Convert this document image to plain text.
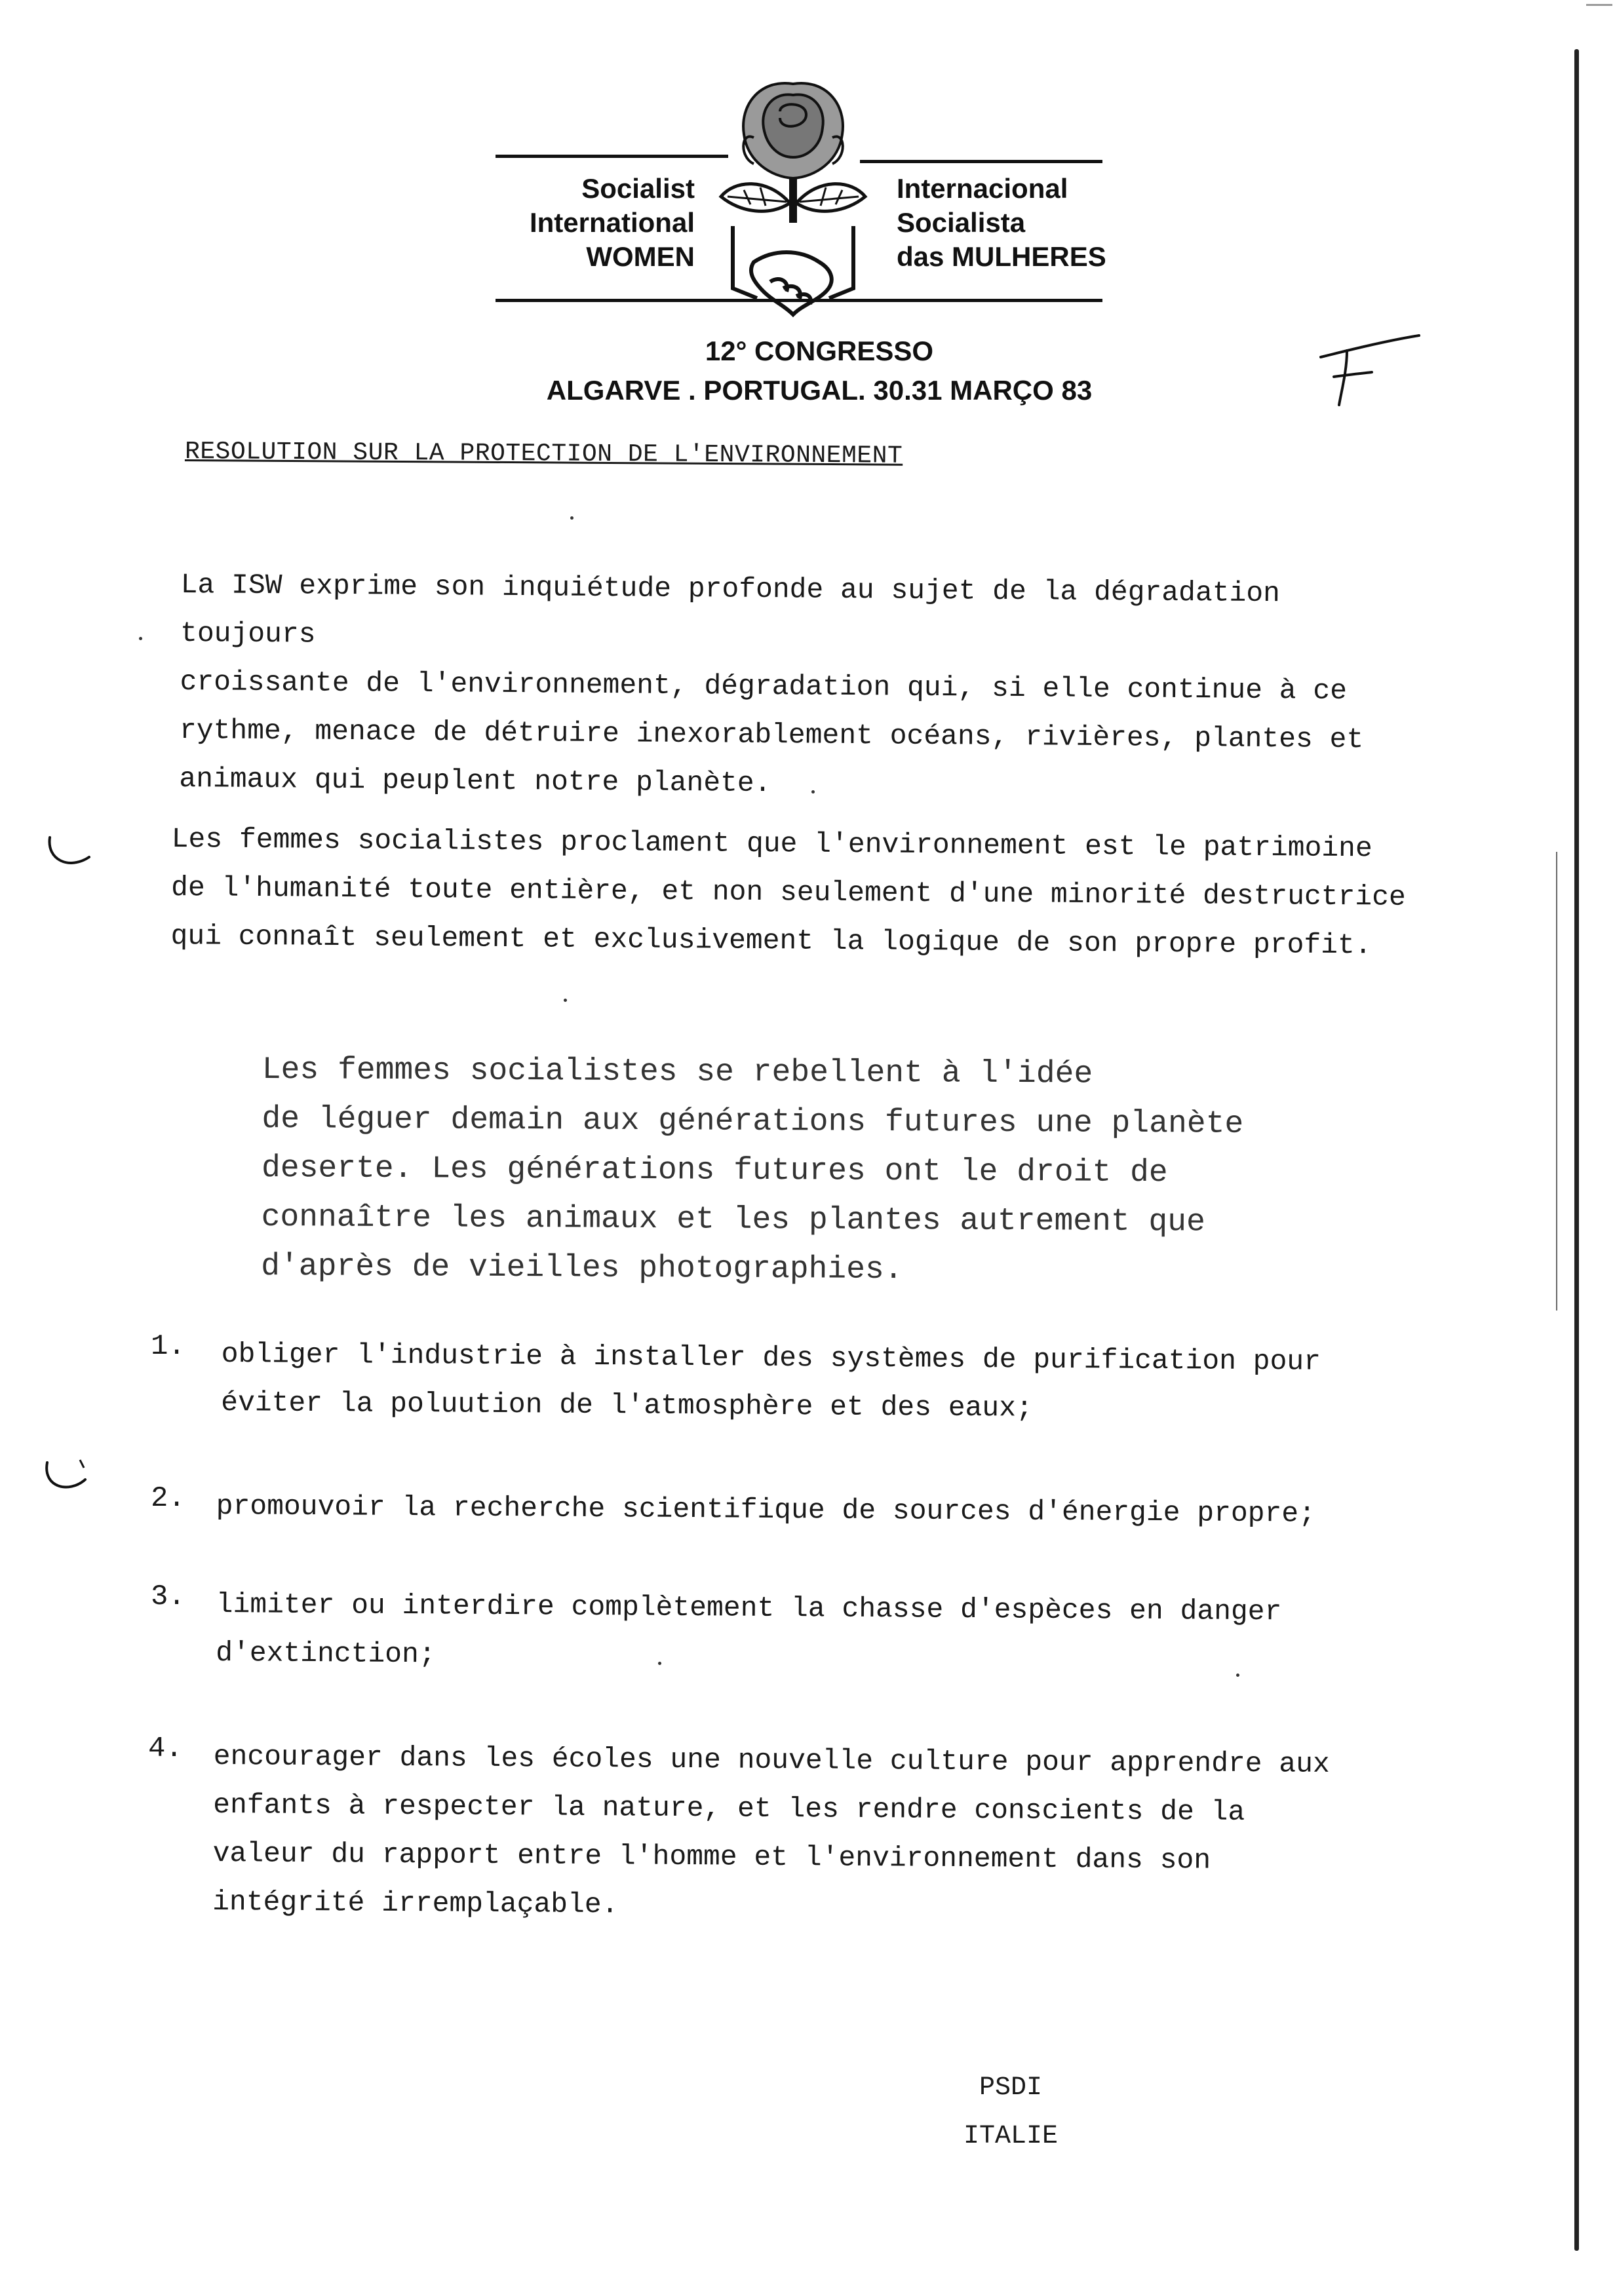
Socialist
International
WOMEN
Internacional
Socialista
das MULHERES
12° CONGRESSO
ALGARVE . PORTUGAL. 30.31 MARÇO 83
RESOLUTION SUR LA PROTECTION DE L'ENVIRONNEMENT

La ISW exprime son inquiétude profonde au sujet de la dégradation toujours
croissante de l'environnement, dégradation qui, si elle continue à ce
rythme, menace de détruire inexorablement océans, rivières, plantes et
animaux qui peuplent notre planète.

Les femmes socialistes proclament que l'environnement est le patrimoine
de l'humanité toute entière, et non seulement d'une minorité destructrice
qui connaît seulement et exclusivement la logique de son propre profit.

Les femmes socialistes se rebellent à l'idée
de léguer demain aux générations futures une planète
deserte. Les générations futures ont le droit de
connaître les animaux et les plantes autrement que
d'après de vieilles photographies.

1. obliger l'industrie à installer des systèmes de purification pour
éviter la poluution de l'atmosphère et des eaux;
2. promouvoir la recherche scientifique de sources d'énergie propre;
3. limiter ou interdire complètement la chasse d'espèces en danger
d'extinction;
4. encourager dans les écoles une nouvelle culture pour apprendre aux
enfants à respecter la nature, et les rendre conscients de la
valeur du rapport entre l'homme et l'environnement dans son
intégrité irremplaçable.
PSDI
ITALIE
